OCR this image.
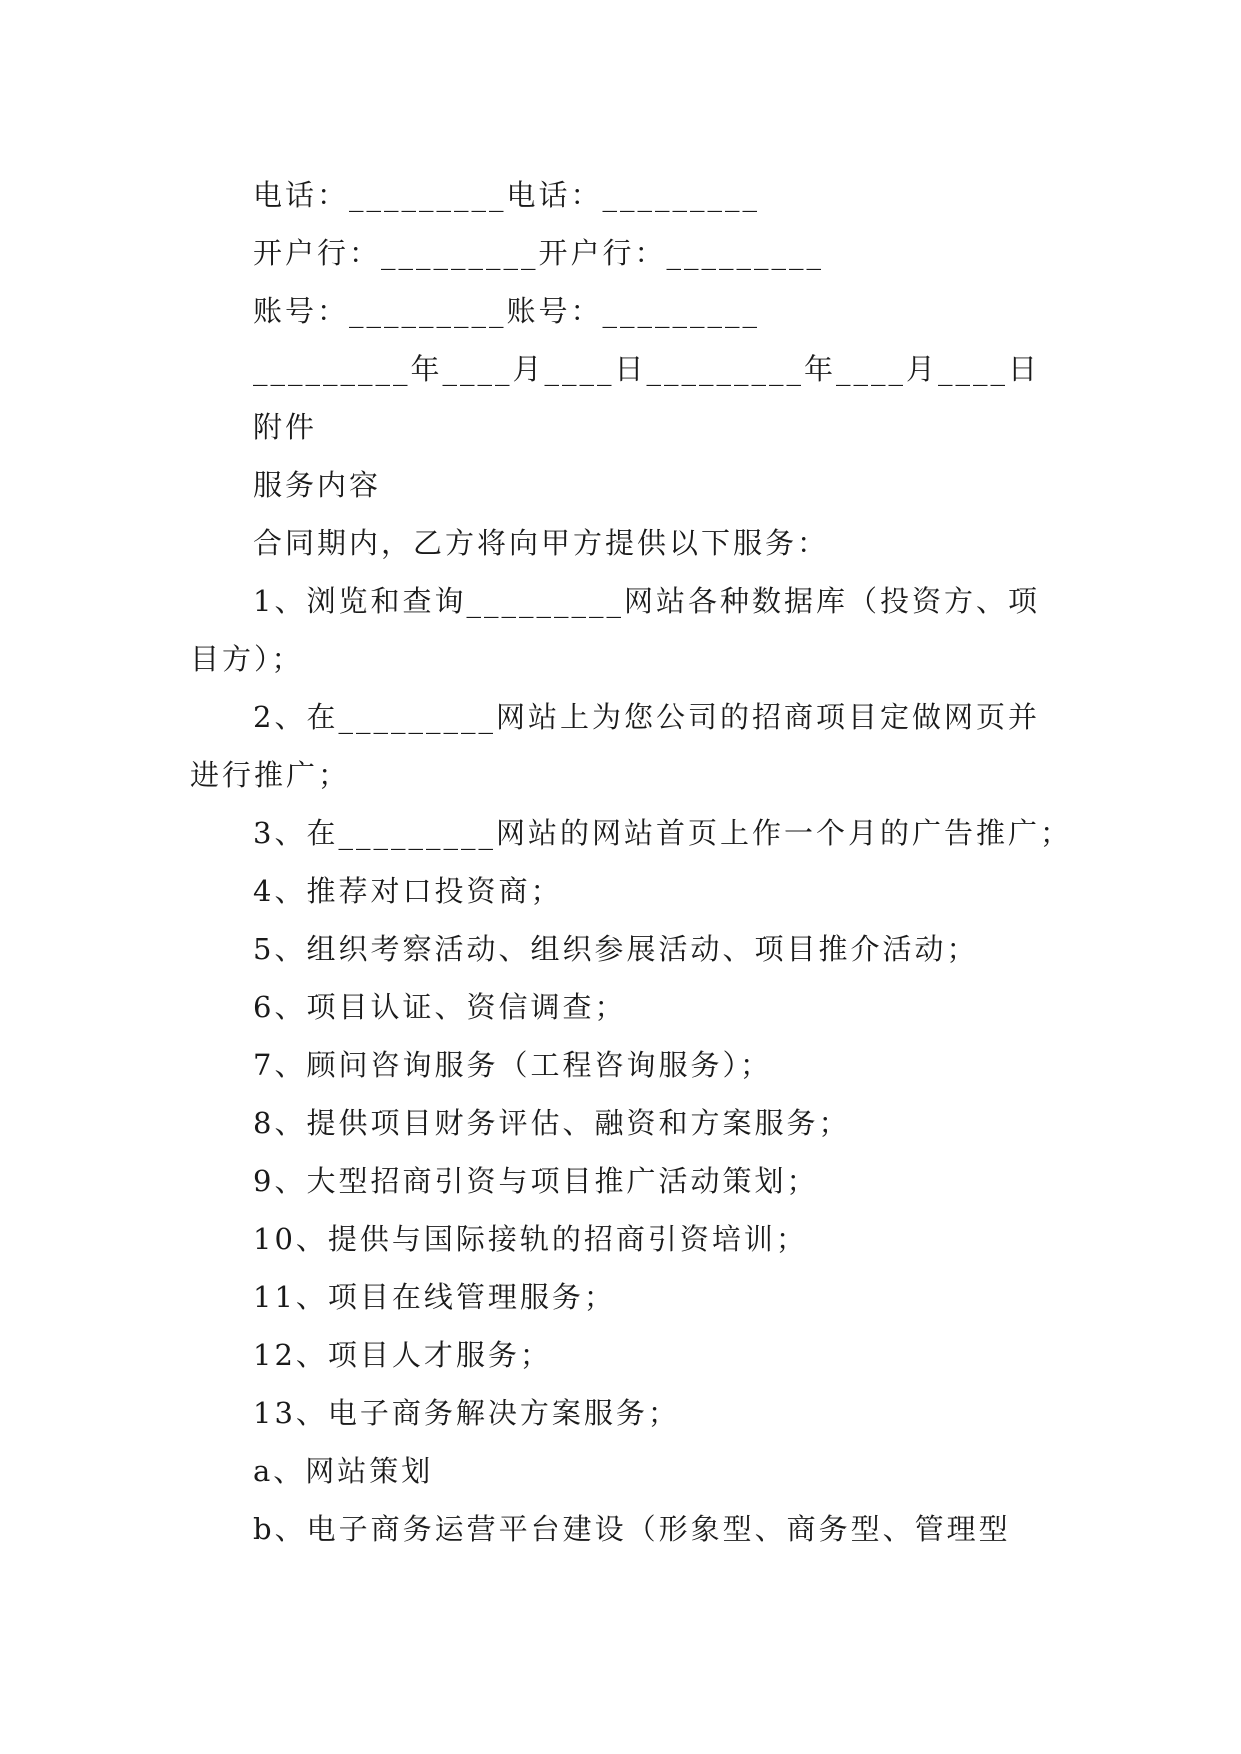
电话：_________电话：_________
开户行：_________开户行：_________
账号：_________账号：_________
_________年____月____日_________年____月____日
附件
服务内容
合同期内，乙方将向甲方提供以下服务：
1、浏览和查询_________网站各种数据库（投资方、项
目方）；
2、在_________网站上为您公司的招商项目定做网页并
进行推广；
3、在_________网站的网站首页上作一个月的广告推广；
4、推荐对口投资商；
5、组织考察活动、组织参展活动、项目推介活动；
6、项目认证、资信调查；
7、顾问咨询服务（工程咨询服务）；
8、提供项目财务评估、融资和方案服务；
9、大型招商引资与项目推广活动策划；
10、提供与国际接轨的招商引资培训；
11、项目在线管理服务；
12、项目人才服务；
13、电子商务解决方案服务；
a、网站策划
b、电子商务运营平台建设（形象型、商务型、管理型
